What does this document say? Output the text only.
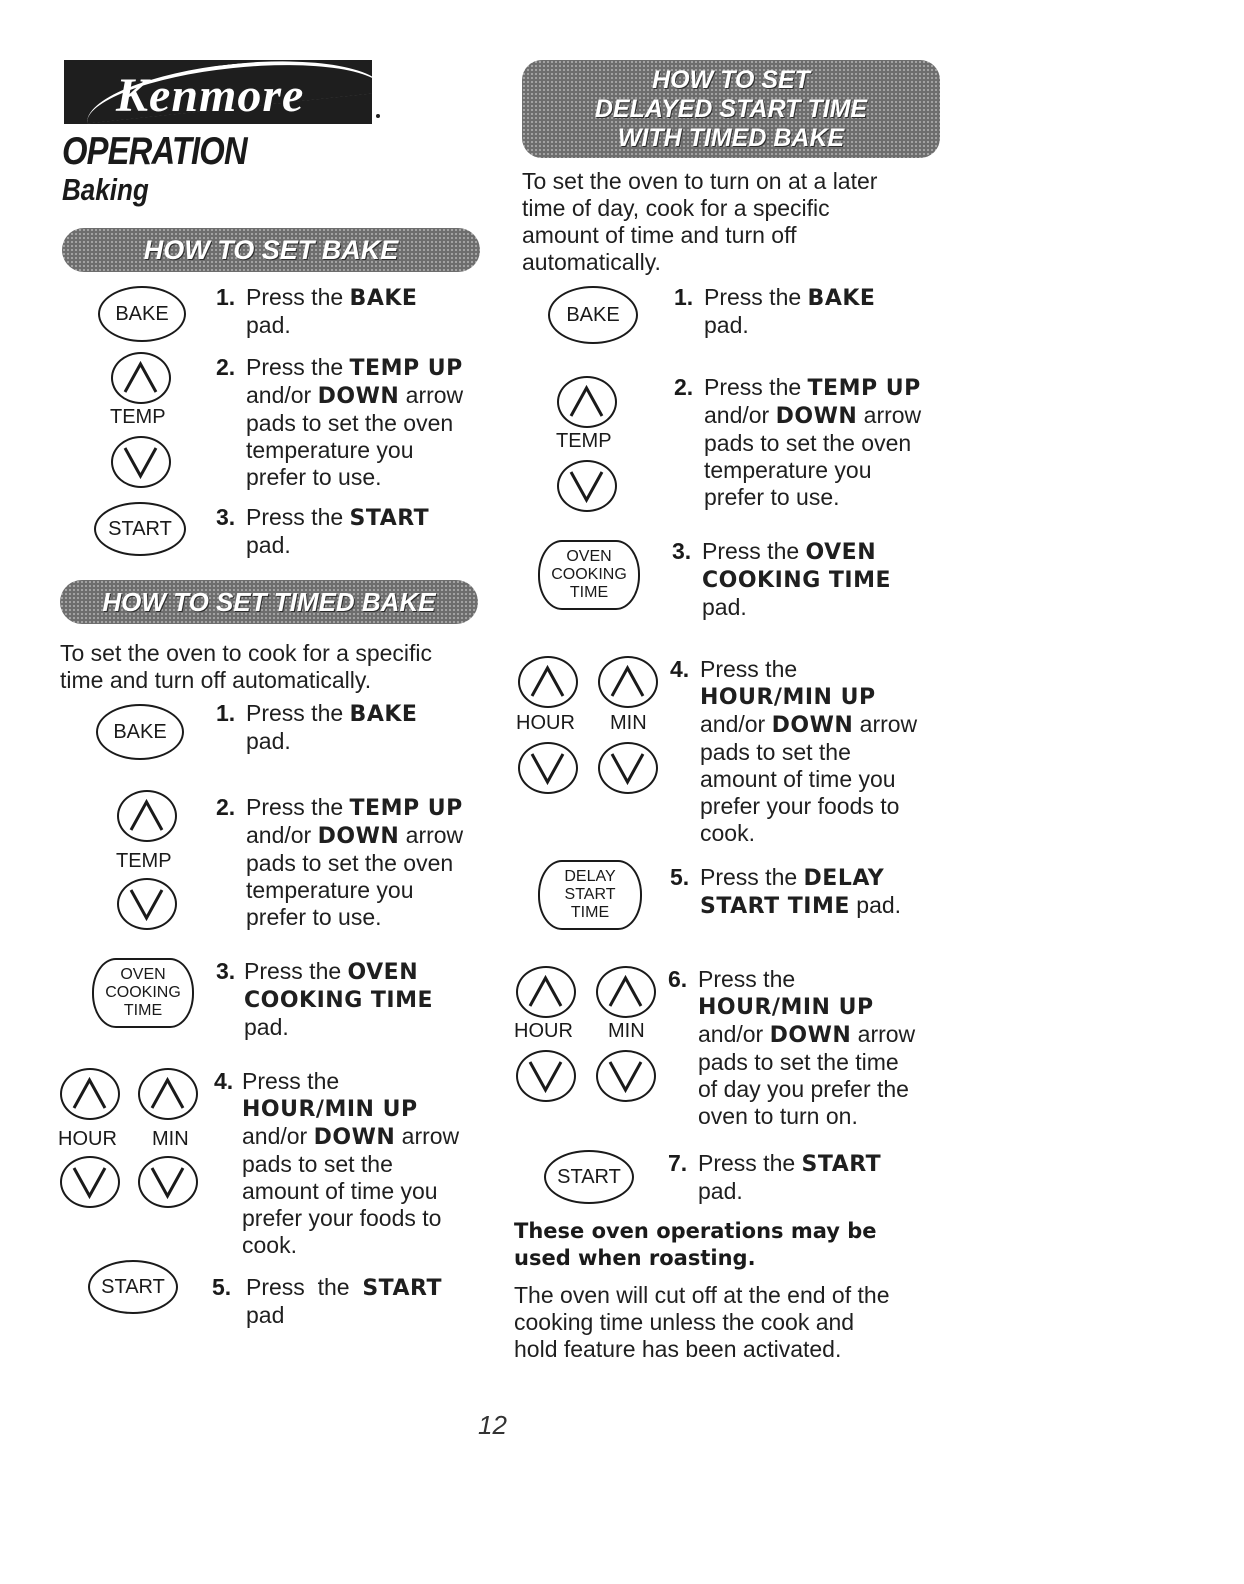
Kenmore
OPERATION
Baking
HOW TO SET BAKE
BAKE
1. Press the BAKE
pad.
TEMP
2. Press the TEMP UP
and/or DOWN arrow
pads to set the oven
temperature you
prefer to use.
START 3. Press the START
pad.
HOW TO SET TIMED BAKE
To set the oven to cook for a specific
time and turn off automatically.
BAKE
1. Press the BAKE
pad.
TEMP
2. Press the TEMP UP
and/or DOWN arrow
pads to set the oven
temperature you
prefer to use.
OVEN
COOKING
TIME
3. Press the OVEN
COOKING TIME
pad.
HOUR MIN
4. Press the
HOUR/MIN UP
and/or DOWN arrow
pads to set the
amount of time you
prefer your foods to
cook.
START 5. Press  the  START
pad
HOW TO SET
DELAYED START TIME
WITH TIMED BAKE
To set the oven to turn on at a later
time of day, cook for a specific
amount of time and turn off
automatically.
BAKE
1. Press the BAKE
pad.
TEMP
2. Press the TEMP UP
and/or DOWN arrow
pads to set the oven
temperature you
prefer to use.
OVEN
COOKING
TIME
3. Press the OVEN
COOKING TIME
pad.
HOUR MIN
4. Press the
HOUR/MIN UP
and/or DOWN arrow
pads to set the
amount of time you
prefer your foods to
cook.
DELAY
START
TIME
5. Press the DELAY
START TIME pad.
HOUR MIN
6. Press the
HOUR/MIN UP
and/or DOWN arrow
pads to set the time
of day you prefer the
oven to turn on.
START
7. Press the START
pad.
These oven operations may be
used when roasting.
The oven will cut off at the end of the
cooking time unless the cook and
hold feature has been activated.
12
